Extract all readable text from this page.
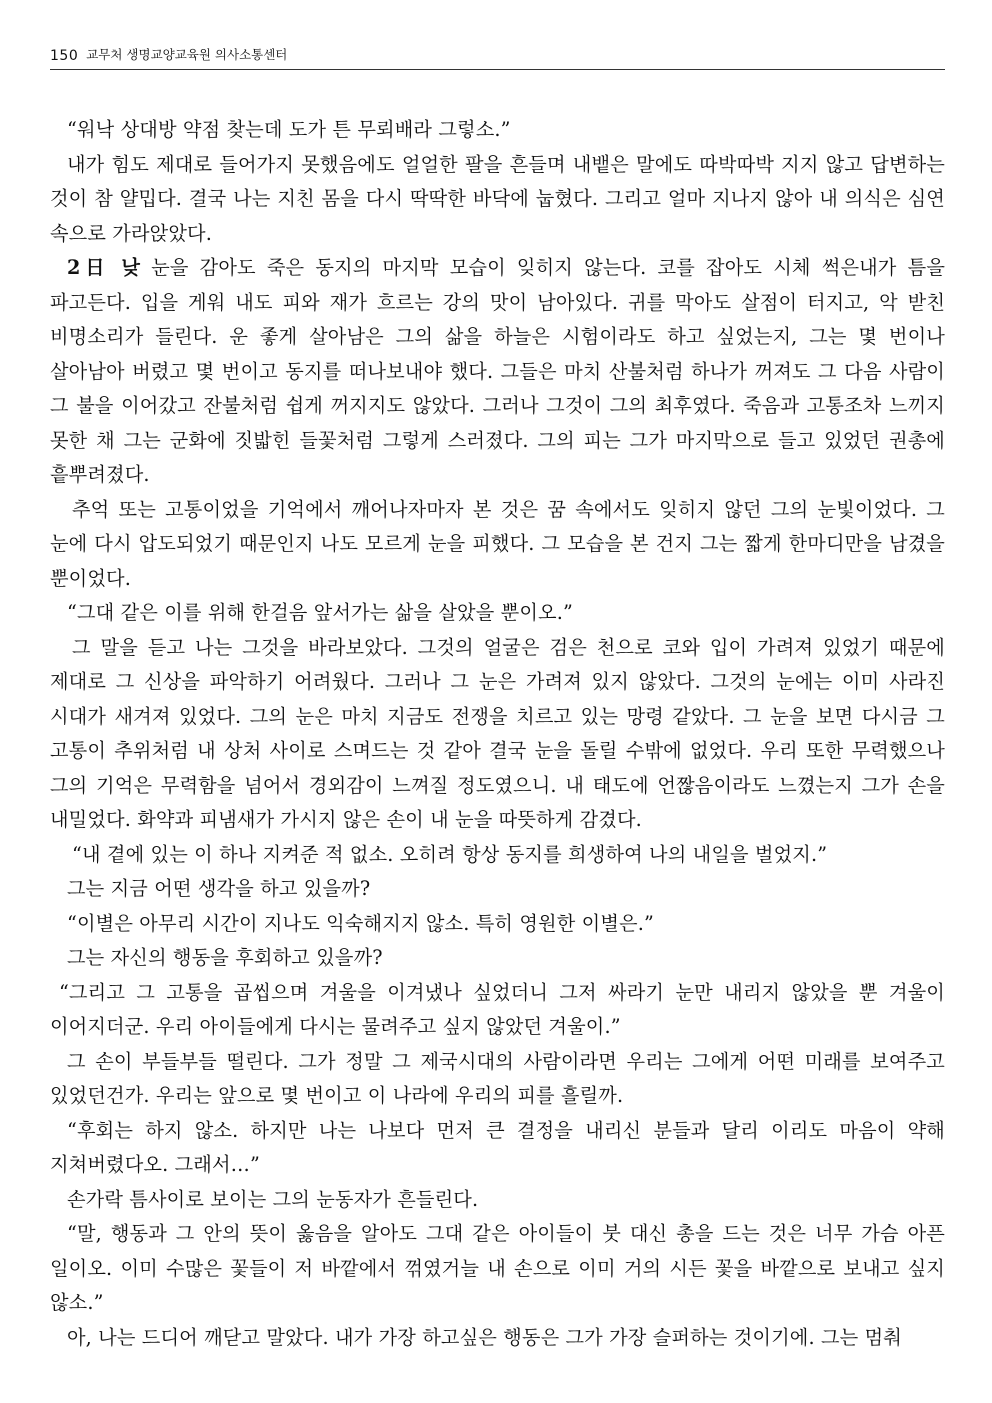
150 교무처 생명교양교육원 의사소통센터

“워낙 상대방 약점 찾는데 도가 튼 무뢰배라 그렇소.”

내가 힘도 제대로 들어가지 못했음에도 얼얼한 팔을 흔들며 내뱉은 말에도 따박따박 지지 않고 답변하는 것이 참 얄밉다. 결국 나는 지친 몸을 다시 딱딱한 바닥에 눕혔다. 그리고 얼마 지나지 않아 내 의식은 심연 속으로 가라앉았다.

2日 낮 눈을 감아도 죽은 동지의 마지막 모습이 잊히지 않는다. 코를 잡아도 시체 썩은내가 틈을 파고든다. 입을 게워 내도 피와 재가 흐르는 강의 맛이 남아있다. 귀를 막아도 살점이 터지고, 악 받친 비명소리가 들린다. 운 좋게 살아남은 그의 삶을 하늘은 시험이라도 하고 싶었는지, 그는 몇 번이나 살아남아 버렸고 몇 번이고 동지를 떠나보내야 했다. 그들은 마치 산불처럼 하나가 꺼져도 그 다음 사람이 그 불을 이어갔고 잔불처럼 쉽게 꺼지지도 않았다. 그러나 그것이 그의 최후였다. 죽음과 고통조차 느끼지 못한 채 그는 군화에 짓밟힌 들꽃처럼 그렇게 스러졌다. 그의 피는 그가 마지막으로 들고 있었던 권총에 흩뿌려졌다.

추억 또는 고통이었을 기억에서 깨어나자마자 본 것은 꿈 속에서도 잊히지 않던 그의 눈빛이었다. 그 눈에 다시 압도되었기 때문인지 나도 모르게 눈을 피했다. 그 모습을 본 건지 그는 짧게 한마디만을 남겼을 뿐이었다.

“그대 같은 이를 위해 한걸음 앞서가는 삶을 살았을 뿐이오.”

그 말을 듣고 나는 그것을 바라보았다. 그것의 얼굴은 검은 천으로 코와 입이 가려져 있었기 때문에 제대로 그 신상을 파악하기 어려웠다. 그러나 그 눈은 가려져 있지 않았다. 그것의 눈에는 이미 사라진 시대가 새겨져 있었다. 그의 눈은 마치 지금도 전쟁을 치르고 있는 망령 같았다. 그 눈을 보면 다시금 그 고통이 추위처럼 내 상처 사이로 스며드는 것 같아 결국 눈을 돌릴 수밖에 없었다. 우리 또한 무력했으나 그의 기억은 무력함을 넘어서 경외감이 느껴질 정도였으니. 내 태도에 언짢음이라도 느꼈는지 그가 손을 내밀었다. 화약과 피냄새가 가시지 않은 손이 내 눈을 따뜻하게 감겼다.

“내 곁에 있는 이 하나 지켜준 적 없소. 오히려 항상 동지를 희생하여 나의 내일을 벌었지.”

그는 지금 어떤 생각을 하고 있을까?

“이별은 아무리 시간이 지나도 익숙해지지 않소. 특히 영원한 이별은.”

그는 자신의 행동을 후회하고 있을까?

“그리고 그 고통을 곱씹으며 겨울을 이겨냈나 싶었더니 그저 싸라기 눈만 내리지 않았을 뿐 겨울이 이어지더군. 우리 아이들에게 다시는 물려주고 싶지 않았던 겨울이.”

그 손이 부들부들 떨린다. 그가 정말 그 제국시대의 사람이라면 우리는 그에게 어떤 미래를 보여주고 있었던건가. 우리는 앞으로 몇 번이고 이 나라에 우리의 피를 흘릴까.

“후회는 하지 않소. 하지만 나는 나보다 먼저 큰 결정을 내리신 분들과 달리 이리도 마음이 약해 지쳐버렸다오. 그래서…”

손가락 틈사이로 보이는 그의 눈동자가 흔들린다.

“말, 행동과 그 안의 뜻이 옳음을 알아도 그대 같은 아이들이 붓 대신 총을 드는 것은 너무 가슴 아픈 일이오. 이미 수많은 꽃들이 저 바깥에서 꺾였거늘 내 손으로 이미 거의 시든 꽃을 바깥으로 보내고 싶지 않소.”

아, 나는 드디어 깨닫고 말았다. 내가 가장 하고싶은 행동은 그가 가장 슬퍼하는 것이기에. 그는 멈춰
